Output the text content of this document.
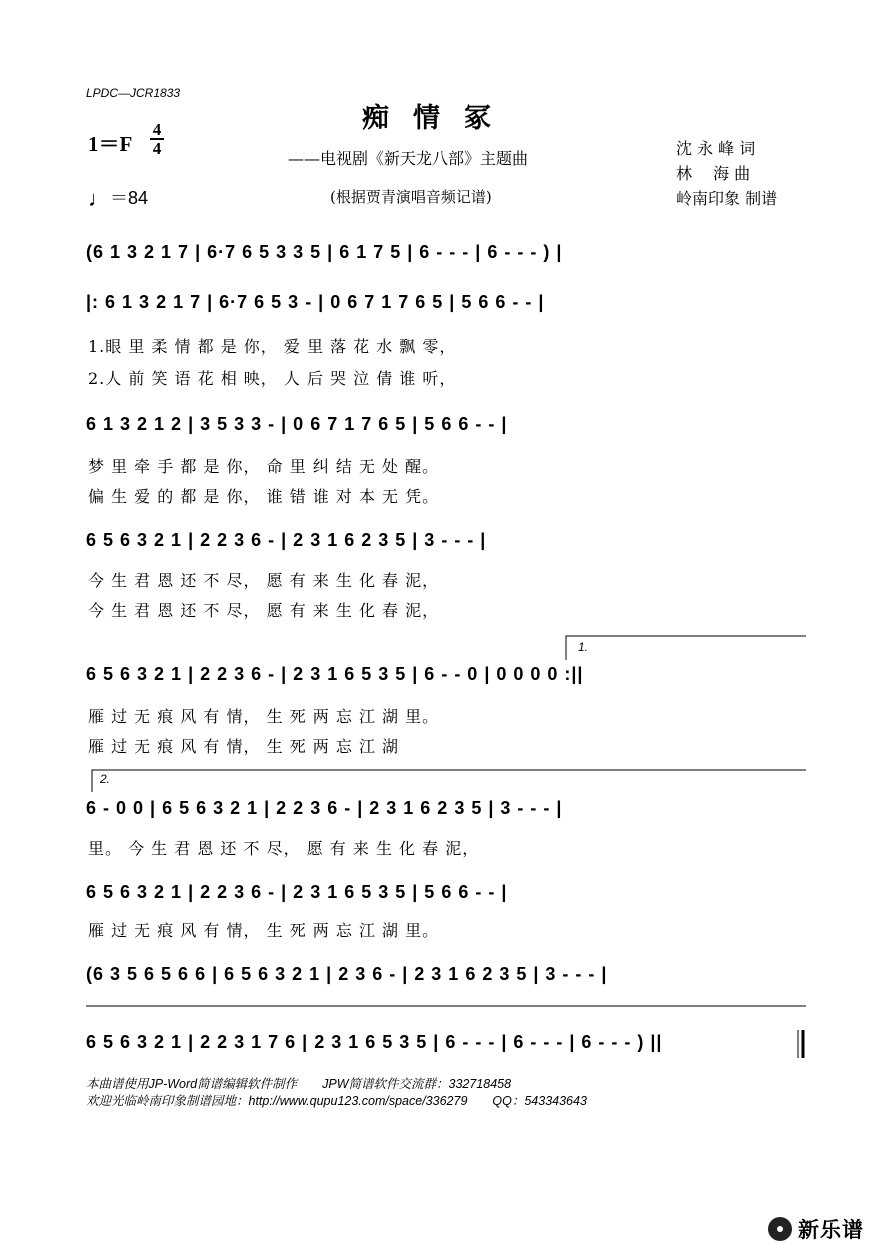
LPDC—JCR1833
痴情冢
——电视剧《新天龙八部》主题曲
(根据贾青演唱音频记谱)
沈 永 峰 词
林　 海 曲
岭南印象 制谱
1＝F
4
4
♩＝84
(6 1 3 2 1 7 | 6·7 6 5 3 3 5 | 6 1 7 5 | 6 - - - | 6 - - - ) |
|: 6 1 3 2 1 7 | 6·7 6 5 3 - | 0 6 7 1 7 6 5 | 5 6 6 - - |
1.眼 里 柔 情 都 是 你， 爱 里 落 花 水 飘 零，
2.人 前 笑 语 花 相 映， 人 后 哭 泣 倩 谁 听，
6 1 3 2 1 2 | 3 5 3 3 - | 0 6 7 1 7 6 5 | 5 6 6 - - |
梦 里 牵 手 都 是 你， 命 里 纠 结 无 处 醒。
偏 生 爱 的 都 是 你， 谁 错 谁 对 本 无 凭。
6 5 6 3 2 1 | 2 2 3 6 - | 2 3 1 6 2 3 5 | 3 - - - |
今 生 君 恩 还 不 尽， 愿 有 来 生 化 春 泥，
今 生 君 恩 还 不 尽， 愿 有 来 生 化 春 泥，
1.
6 5 6 3 2 1 | 2 2 3 6 - | 2 3 1 6 5 3 5 | 6 - - 0 | 0 0 0 0 :||
雁 过 无 痕 风 有 情， 生 死 两 忘 江 湖 里。
雁 过 无 痕 风 有 情， 生 死 两 忘 江 湖
2.
6 - 0 0 | 6 5 6 3 2 1 | 2 2 3 6 - | 2 3 1 6 2 3 5 | 3 - - - |
里。 今 生 君 恩 还 不 尽， 愿 有 来 生 化 春 泥，
6 5 6 3 2 1 | 2 2 3 6 - | 2 3 1 6 5 3 5 | 5 6 6 - - |
雁 过 无 痕 风 有 情， 生 死 两 忘 江 湖 里。
(6 3 5 6 5 6 6 | 6 5 6 3 2 1 | 2 3 6 - | 2 3 1 6 2 3 5 | 3 - - - |
6 5 6 3 2 1 | 2 2 3 1 7 6 | 2 3 1 6 5 3 5 | 6 - - - | 6 - - - | 6 - - - ) ||
本曲谱使用JP-Word简谱编辑软件制作　　JPW简谱软件交流群：332718458
欢迎光临岭南印象制谱园地：http://www.qupu123.com/space/336279　　QQ：543343643
新乐谱
